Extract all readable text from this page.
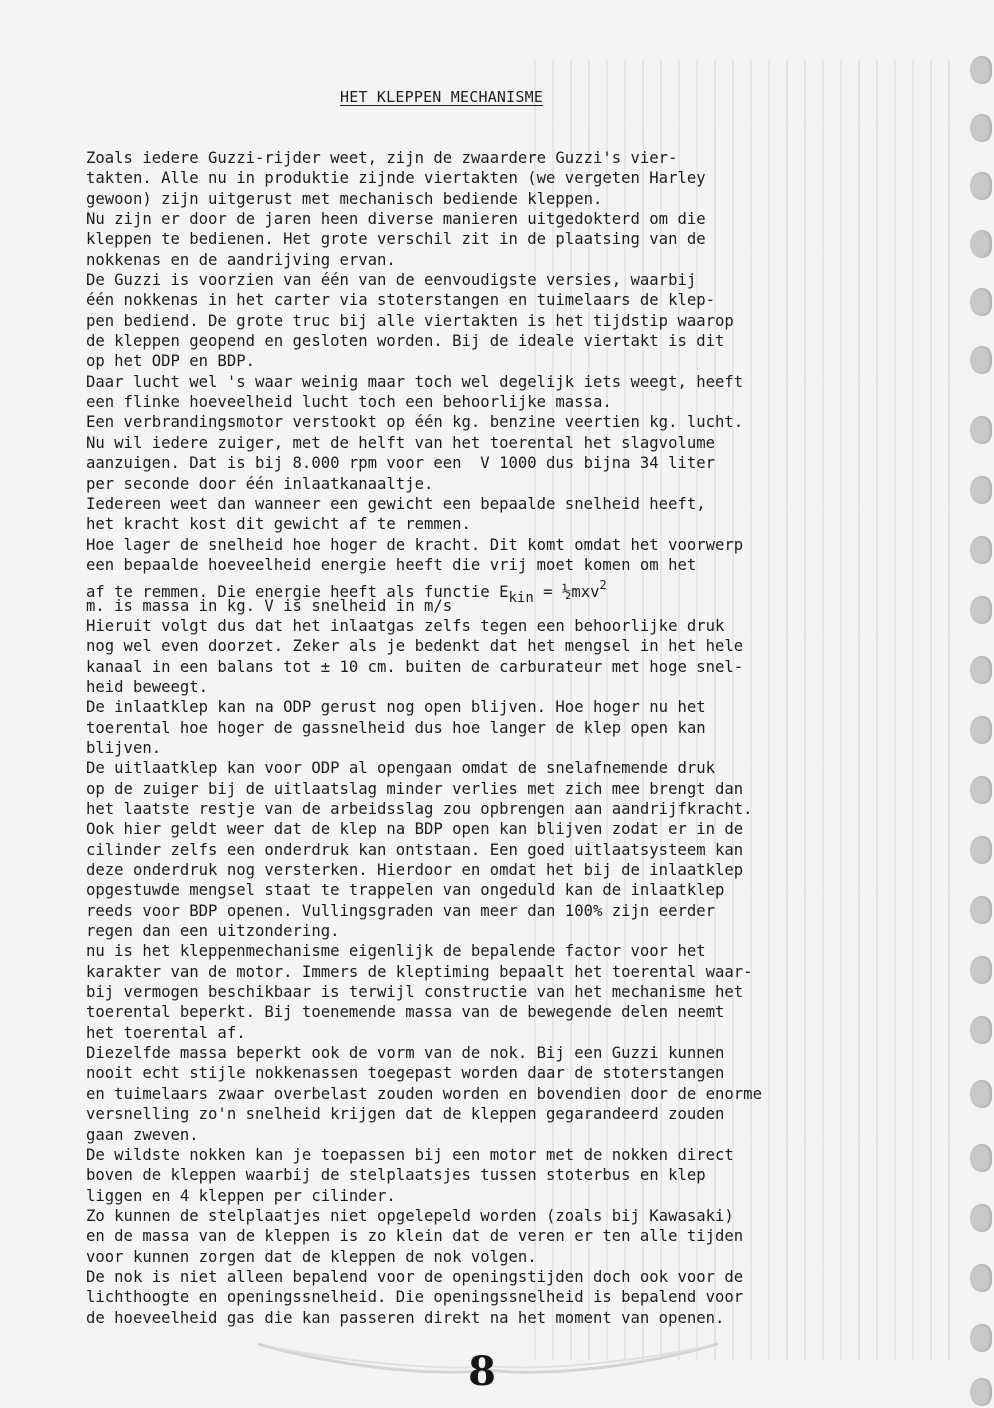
HET KLEPPEN MECHANISME
Zoals iedere Guzzi-rijder weet, zijn de zwaardere Guzzi's vier-
takten. Alle nu in produktie zijnde viertakten (we vergeten Harley
gewoon) zijn uitgerust met mechanisch bediende kleppen.
Nu zijn er door de jaren heen diverse manieren uitgedokterd om die
kleppen te bedienen. Het grote verschil zit in de plaatsing van de
nokkenas en de aandrijving ervan.
De Guzzi is voorzien van één van de eenvoudigste versies, waarbij
één nokkenas in het carter via stoterstangen en tuimelaars de klep-
pen bediend. De grote truc bij alle viertakten is het tijdstip waarop
de kleppen geopend en gesloten worden. Bij de ideale viertakt is dit
op het ODP en BDP.
Daar lucht wel 's waar weinig maar toch wel degelijk iets weegt, heeft
een flinke hoeveelheid lucht toch een behoorlijke massa.
Een verbrandingsmotor verstookt op één kg. benzine veertien kg. lucht.
Nu wil iedere zuiger, met de helft van het toerental het slagvolume
aanzuigen. Dat is bij 8.000 rpm voor een  V 1000 dus bijna 34 liter
per seconde door één inlaatkanaaltje.
Iedereen weet dan wanneer een gewicht een bepaalde snelheid heeft,
het kracht kost dit gewicht af te remmen.
Hoe lager de snelheid hoe hoger de kracht. Dit komt omdat het voorwerp
een bepaalde hoeveelheid energie heeft die vrij moet komen om het
af te remmen. Die energie heeft als functie $E_{kin}$ = ½mxv$^2$
m. is massa in kg. V is snelheid in m/s
Hieruit volgt dus dat het inlaatgas zelfs tegen een behoorlijke druk
nog wel even doorzet. Zeker als je bedenkt dat het mengsel in het hele
kanaal in een balans tot ± 10 cm. buiten de carburateur met hoge snel-
heid beweegt.
De inlaatklep kan na ODP gerust nog open blijven. Hoe hoger nu het
toerental hoe hoger de gassnelheid dus hoe langer de klep open kan
blijven.
De uitlaatklep kan voor ODP al opengaan omdat de snelafnemende druk
op de zuiger bij de uitlaatslag minder verlies met zich mee brengt dan
het laatste restje van de arbeidsslag zou opbrengen aan aandrijfkracht.
Ook hier geldt weer dat de klep na BDP open kan blijven zodat er in de
cilinder zelfs een onderdruk kan ontstaan. Een goed uitlaatsysteem kan
deze onderdruk nog versterken. Hierdoor en omdat het bij de inlaatklep
opgestuwde mengsel staat te trappelen van ongeduld kan de inlaatklep
reeds voor BDP openen. Vullingsgraden van meer dan 100% zijn eerder
regen dan een uitzondering.
nu is het kleppenmechanisme eigenlijk de bepalende factor voor het
karakter van de motor. Immers de kleptiming bepaalt het toerental waar-
bij vermogen beschikbaar is terwijl constructie van het mechanisme het
toerental beperkt. Bij toenemende massa van de bewegende delen neemt
het toerental af.
Diezelfde massa beperkt ook de vorm van de nok. Bij een Guzzi kunnen
nooit echt stijle nokkenassen toegepast worden daar de stoterstangen
en tuimelaars zwaar overbelast zouden worden en bovendien door de enorme
versnelling zo'n snelheid krijgen dat de kleppen gegarandeerd zouden
gaan zweven.
De wildste nokken kan je toepassen bij een motor met de nokken direct
boven de kleppen waarbij de stelplaatsjes tussen stoterbus en klep
liggen en 4 kleppen per cilinder.
Zo kunnen de stelplaatjes niet opgelepeld worden (zoals bij Kawasaki)
en de massa van de kleppen is zo klein dat de veren er ten alle tijden
voor kunnen zorgen dat de kleppen de nok volgen.
De nok is niet alleen bepalend voor de openingstijden doch ook voor de
lichthoogte en openingssnelheid. Die openingssnelheid is bepalend voor
de hoeveelheid gas die kan passeren direkt na het moment van openen.
8
